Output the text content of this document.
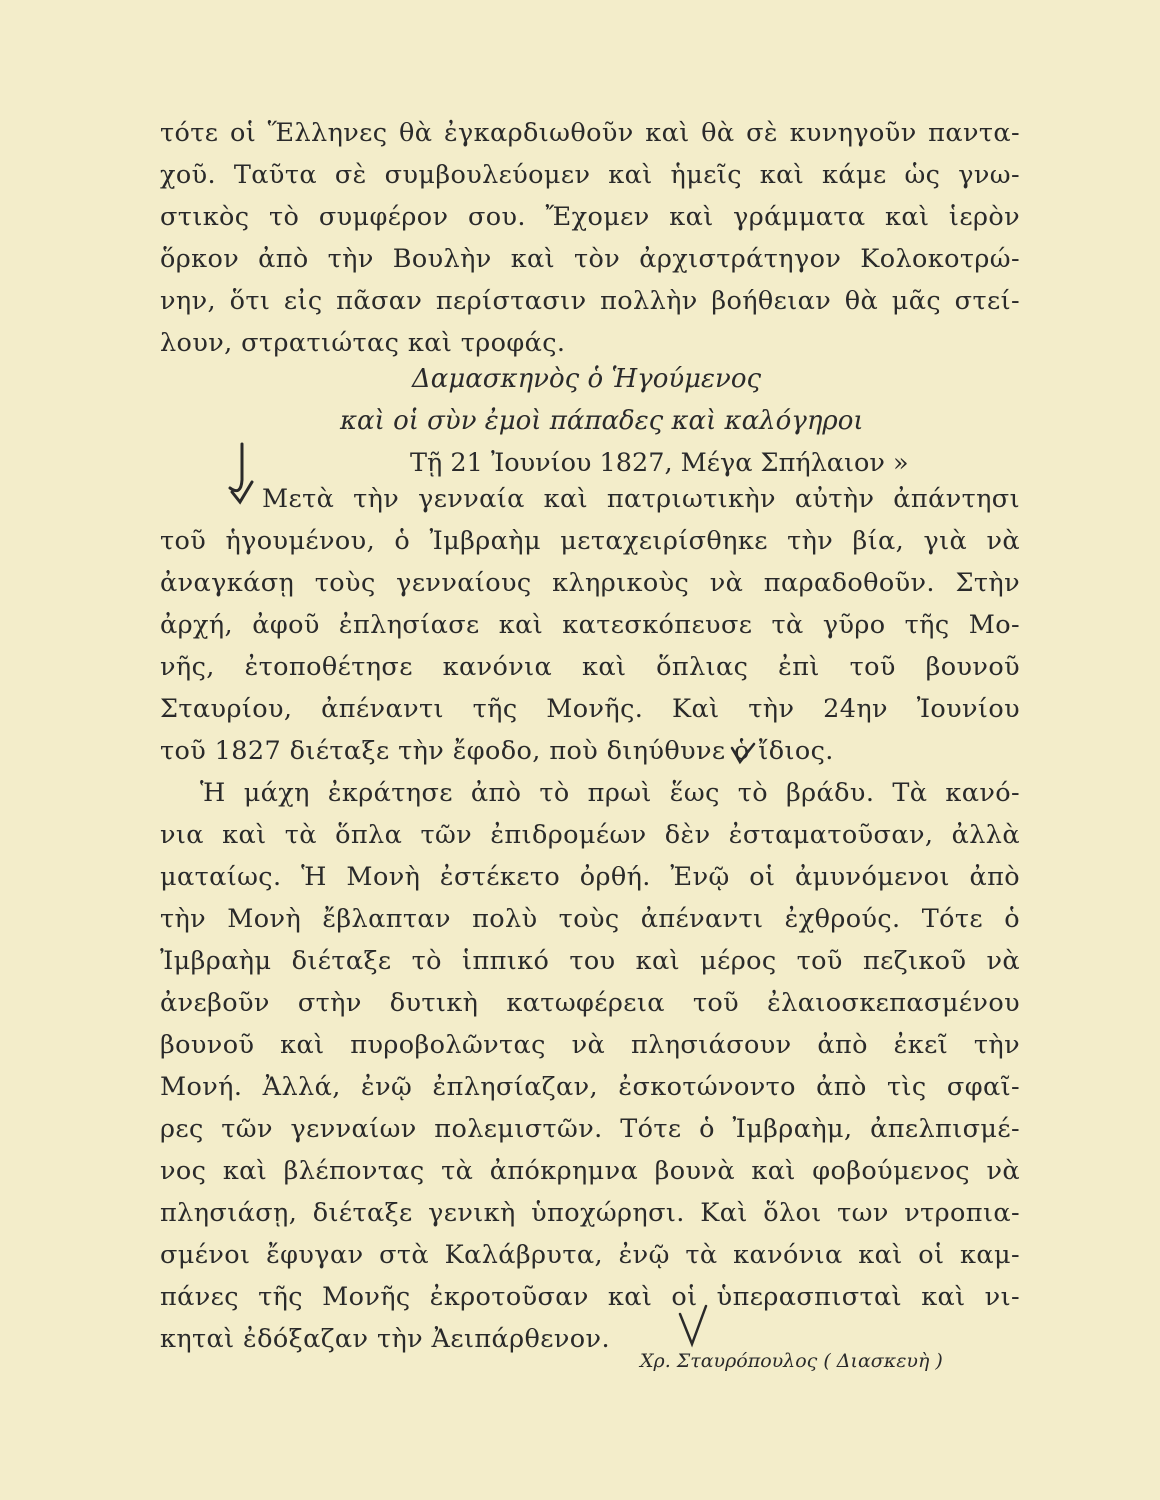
τότε οἱ Ἕλληνες θὰ ἐγκαρδιωθοῦν καὶ θὰ σὲ κυνηγοῦν παντα-
χοῦ. Ταῦτα σὲ συμβουλεύομεν καὶ ἡμεῖς καὶ κάμε ὡς γνω-
στικὸς τὸ συμφέρον σου. Ἔχομεν καὶ γράμματα καὶ ἱερὸν
ὅρκον ἀπὸ τὴν Βουλὴν καὶ τὸν ἀρχιστράτηγον Κολοκοτρώ-
νην, ὅτι εἰς πᾶσαν περίστασιν πολλὴν βοήθειαν θὰ μᾶς στεί-
λουν, στρατιώτας καὶ τροφάς.
Δαμασκηνὸς ὁ Ἡγούμενος
καὶ οἱ σὺν ἐμοὶ πάπαδες καὶ καλόγηροι
Τῇ 21 Ἰουνίου 1827, Μέγα Σπήλαιον »
Μετὰ τὴν γενναία καὶ πατριωτικὴν αὐτὴν ἀπάντησι
τοῦ ἡγουμένου, ὁ Ἰμβραὴμ μεταχειρίσθηκε τὴν βία, γιὰ νὰ
ἀναγκάσῃ τοὺς γενναίους κληρικοὺς νὰ παραδοθοῦν. Στὴν
ἀρχή, ἀφοῦ ἐπλησίασε καὶ κατεσκόπευσε τὰ γῦρο τῆς Μο-
νῆς, ἐτοποθέτησε κανόνια καὶ ὅπλιας ἐπὶ τοῦ βουνοῦ
Σταυρίου, ἀπέναντι τῆς Μονῆς. Καὶ τὴν 24ην Ἰουνίου
τοῦ 1827 διέταξε τὴν ἔφοδο, ποὺ διηύθυνε ὁ ἴδιος.
Ἡ μάχη ἐκράτησε ἀπὸ τὸ πρωὶ ἕως τὸ βράδυ. Τὰ κανό-
νια καὶ τὰ ὅπλα τῶν ἐπιδρομέων δὲν ἐσταματοῦσαν, ἀλλὰ
ματαίως. Ἡ Μονὴ ἐστέκετο ὀρθή. Ἐνῷ οἱ ἀμυνόμενοι ἀπὸ
τὴν Μονὴ ἔβλαπταν πολὺ τοὺς ἀπέναντι ἐχθρούς. Τότε ὁ
Ἰμβραὴμ διέταξε τὸ ἱππικό του καὶ μέρος τοῦ πεζικοῦ νὰ
ἀνεβοῦν στὴν δυτικὴ κατωφέρεια τοῦ ἐλαιοσκεπασμένου
βουνοῦ καὶ πυροβολῶντας νὰ πλησιάσουν ἀπὸ ἐκεῖ τὴν
Μονή. Ἀλλά, ἐνῷ ἐπλησίαζαν, ἐσκοτώνοντο ἀπὸ τὶς σφαῖ-
ρες τῶν γενναίων πολεμιστῶν. Τότε ὁ Ἰμβραὴμ, ἀπελπισμέ-
νος καὶ βλέποντας τὰ ἀπόκρημνα βουνὰ καὶ φοβούμενος νὰ
πλησιάσῃ, διέταξε γενικὴ ὑποχώρησι. Καὶ ὅλοι των ντροπια-
σμένοι ἔφυγαν στὰ Καλάβρυτα, ἐνῷ τὰ κανόνια καὶ οἱ καμ-
πάνες τῆς Μονῆς ἐκροτοῦσαν καὶ οἱ ὑπερασπισταὶ καὶ νι-
κηταὶ ἐδόξαζαν τὴν Ἀειπάρθενον.
Χρ. Σταυρόπουλος ( Διασκευὴ )
